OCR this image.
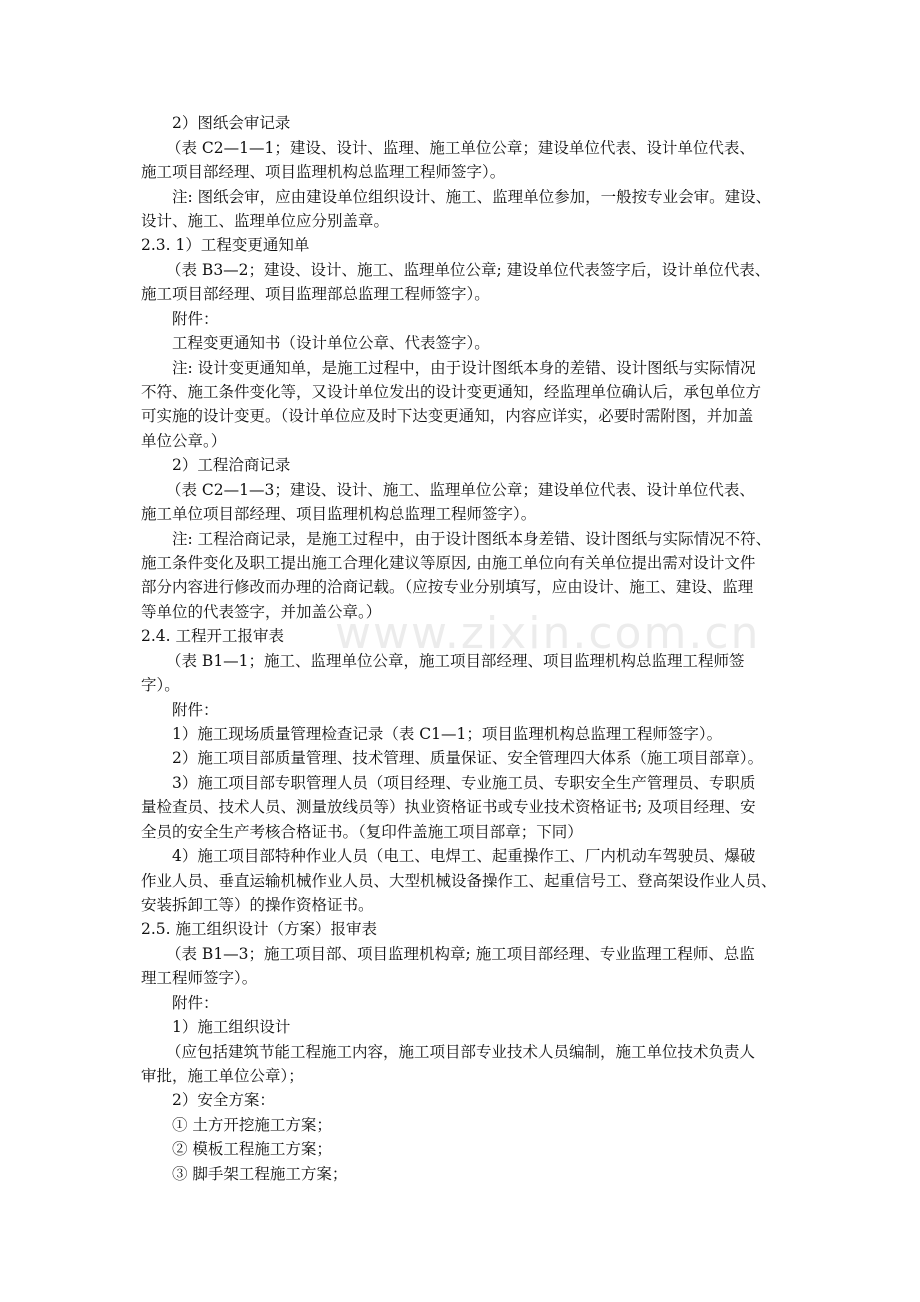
www.zixin.com.cn
2）图纸会审记录
（表 C2—1—1；建设、设计、监理、施工单位公章；建设单位代表、设计单位代表、
施工项目部经理、项目监理机构总监理工程师签字）。
注: 图纸会审，应由建设单位组织设计、施工、监理单位参加，一般按专业会审。建设、
设计、施工、监理单位应分别盖章。
2.3. 1）工程变更通知单
（表 B3—2；建设、设计、施工、监理单位公章; 建设单位代表签字后，设计单位代表、
施工项目部经理、项目监理部总监理工程师签字）。
附件：
工程变更通知书（设计单位公章、代表签字）。
注: 设计变更通知单，是施工过程中，由于设计图纸本身的差错、设计图纸与实际情况
不符、施工条件变化等，又设计单位发出的设计变更通知，经监理单位确认后，承包单位方
可实施的设计变更。（设计单位应及时下达变更通知，内容应详实，必要时需附图，并加盖
单位公章。）
2）工程洽商记录
（表 C2—1—3；建设、设计、施工、监理单位公章；建设单位代表、设计单位代表、
施工单位项目部经理、项目监理机构总监理工程师签字）。
注: 工程洽商记录，是施工过程中，由于设计图纸本身差错、设计图纸与实际情况不符、
施工条件变化及职工提出施工合理化建议等原因, 由施工单位向有关单位提出需对设计文件
部分内容进行修改而办理的洽商记载。（应按专业分别填写，应由设计、施工、建设、监理
等单位的代表签字，并加盖公章。）
2.4. 工程开工报审表
（表 B1—1；施工、监理单位公章，施工项目部经理、项目监理机构总监理工程师签
字）。
附件：
1）施工现场质量管理检查记录（表 C1—1；项目监理机构总监理工程师签字）。
2）施工项目部质量管理、技术管理、质量保证、安全管理四大体系（施工项目部章）。
3）施工项目部专职管理人员（项目经理、专业施工员、专职安全生产管理员、专职质
量检查员、技术人员、测量放线员等）执业资格证书或专业技术资格证书; 及项目经理、安
全员的安全生产考核合格证书。（复印件盖施工项目部章；下同）
4）施工项目部特种作业人员（电工、电焊工、起重操作工、厂内机动车驾驶员、爆破
作业人员、垂直运输机械作业人员、大型机械设备操作工、起重信号工、登高架设作业人员、
安装拆卸工等）的操作资格证书。
2.5. 施工组织设计（方案）报审表
（表 B1—3；施工项目部、项目监理机构章; 施工项目部经理、专业监理工程师、总监
理工程师签字）。
附件：
1）施工组织设计
（应包括建筑节能工程施工内容，施工项目部专业技术人员编制，施工单位技术负责人
审批，施工单位公章）；
2）安全方案：
① 土方开挖施工方案；
② 模板工程施工方案；
③ 脚手架工程施工方案；
